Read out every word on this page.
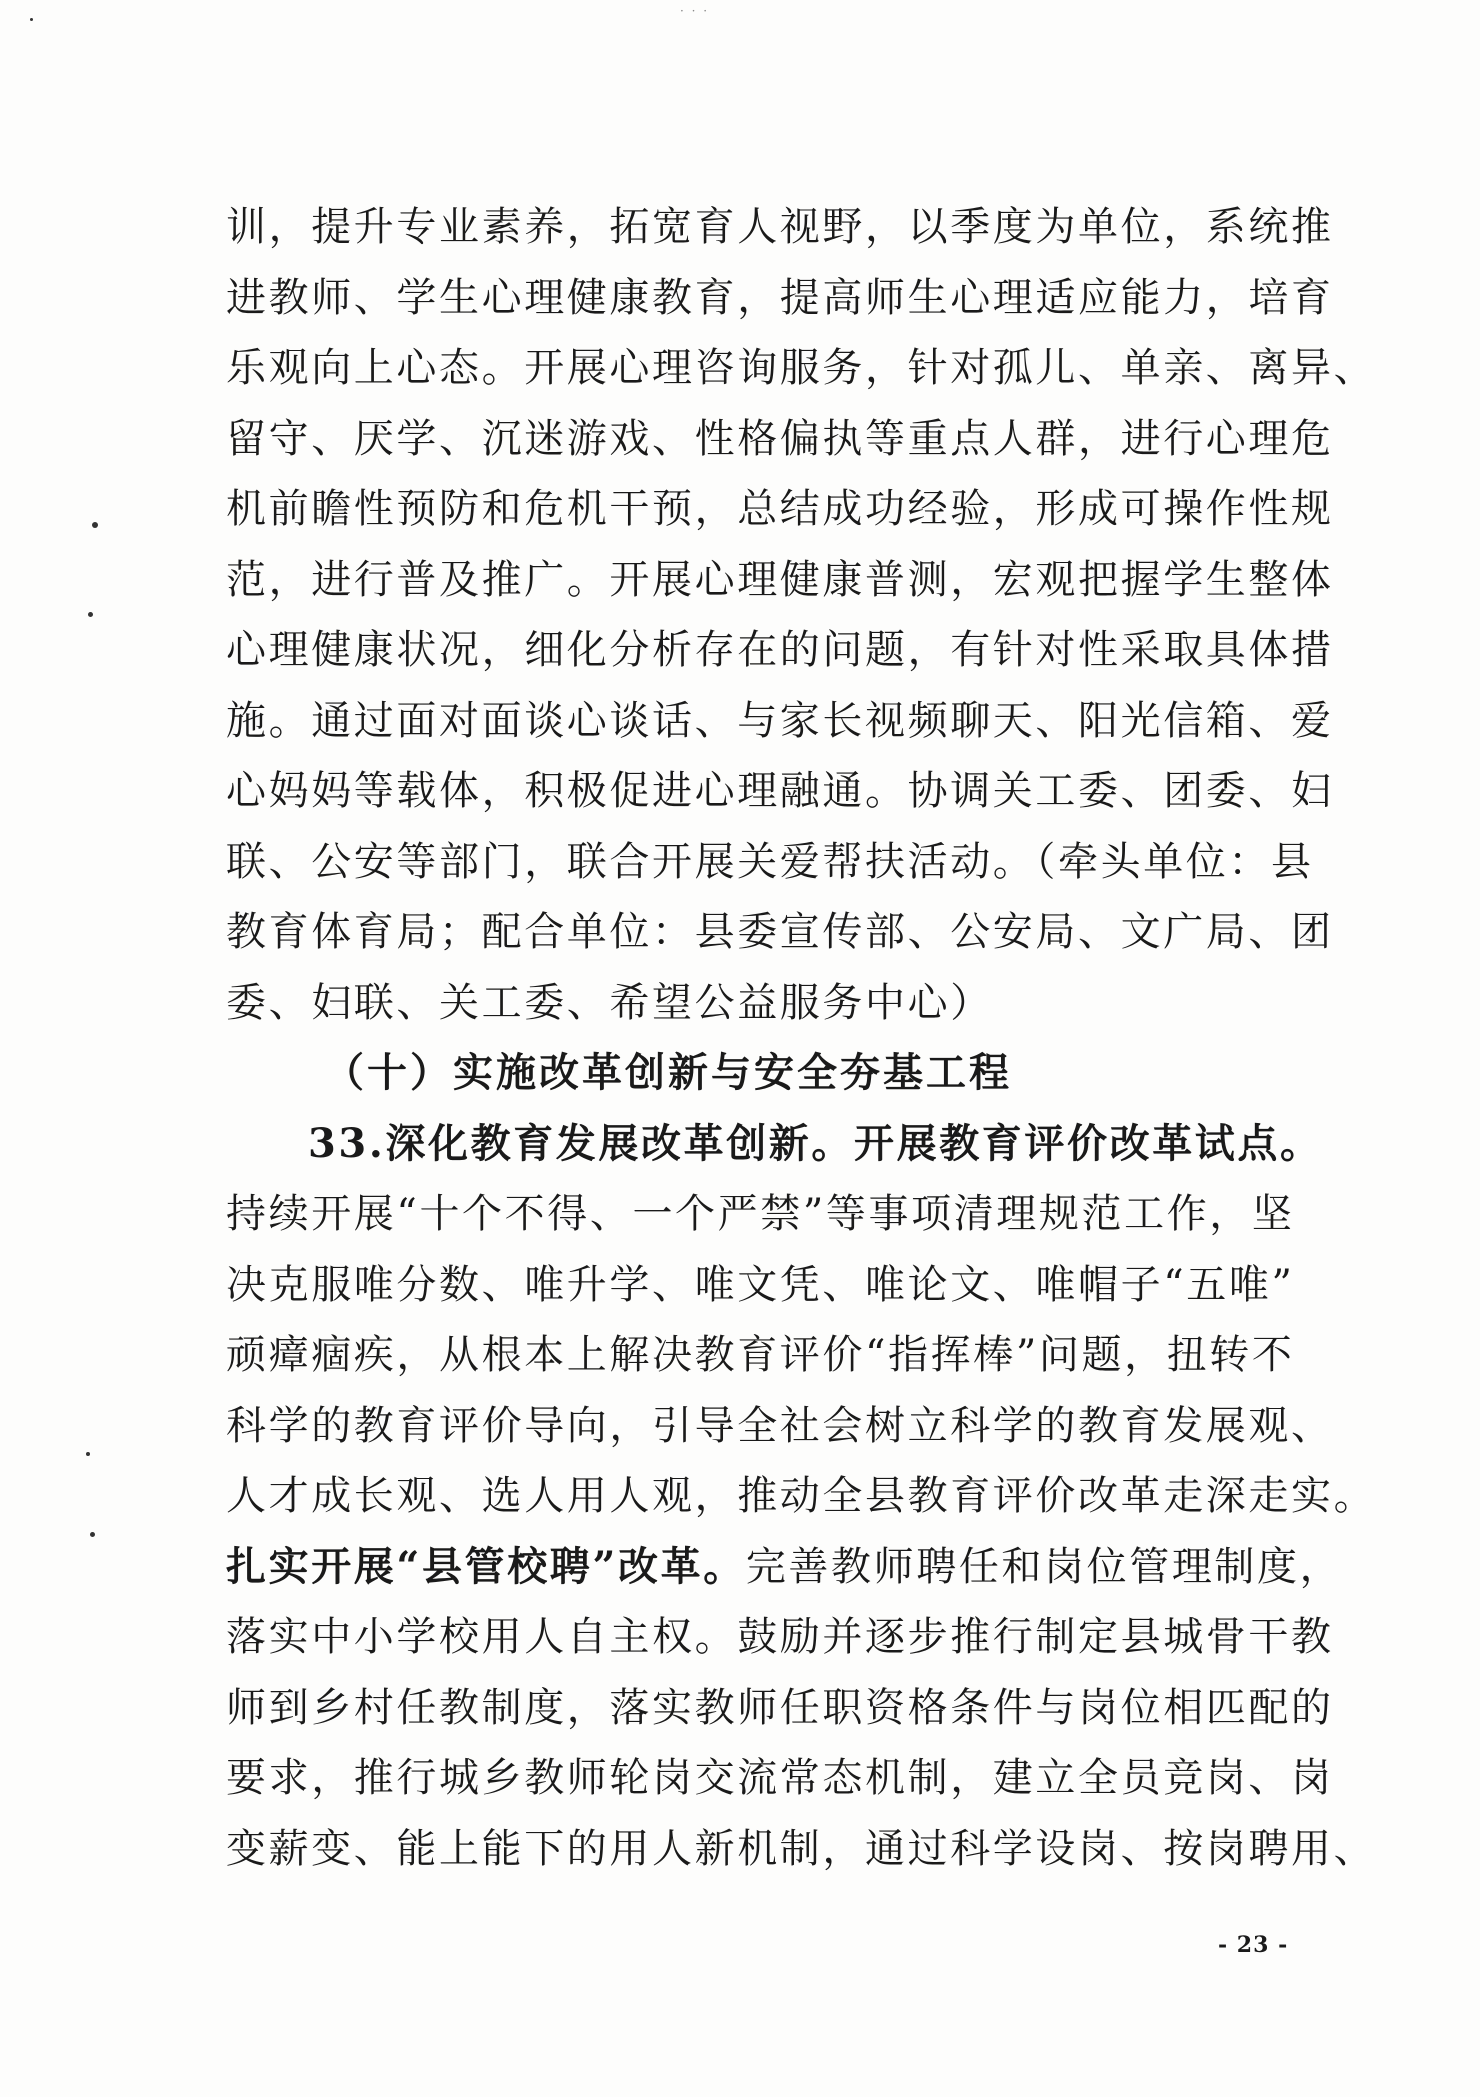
· · ·
训，提升专业素养，拓宽育人视野，以季度为单位，系统推
进教师、学生心理健康教育，提高师生心理适应能力，培育
乐观向上心态。开展心理咨询服务，针对孤儿、单亲、离异、
留守、厌学、沉迷游戏、性格偏执等重点人群，进行心理危
机前瞻性预防和危机干预，总结成功经验，形成可操作性规
范，进行普及推广。开展心理健康普测，宏观把握学生整体
心理健康状况，细化分析存在的问题，有针对性采取具体措
施。通过面对面谈心谈话、与家长视频聊天、阳光信箱、爱
心妈妈等载体，积极促进心理融通。协调关工委、团委、妇
联、公安等部门，联合开展关爱帮扶活动。（牵头单位：县
教育体育局；配合单位：县委宣传部、公安局、文广局、团
委、妇联、关工委、希望公益服务中心）
（十）实施改革创新与安全夯基工程
33.深化教育发展改革创新。开展教育评价改革试点。
持续开展“十个不得、一个严禁”等事项清理规范工作，坚
决克服唯分数、唯升学、唯文凭、唯论文、唯帽子“五唯”
顽瘴痼疾，从根本上解决教育评价“指挥棒”问题，扭转不
科学的教育评价导向，引导全社会树立科学的教育发展观、
人才成长观、选人用人观，推动全县教育评价改革走深走实。
扎实开展“县管校聘”改革。完善教师聘任和岗位管理制度，
落实中小学校用人自主权。鼓励并逐步推行制定县城骨干教
师到乡村任教制度，落实教师任职资格条件与岗位相匹配的
要求，推行城乡教师轮岗交流常态机制，建立全员竞岗、岗
变薪变、能上能下的用人新机制，通过科学设岗、按岗聘用、
- 23 -
